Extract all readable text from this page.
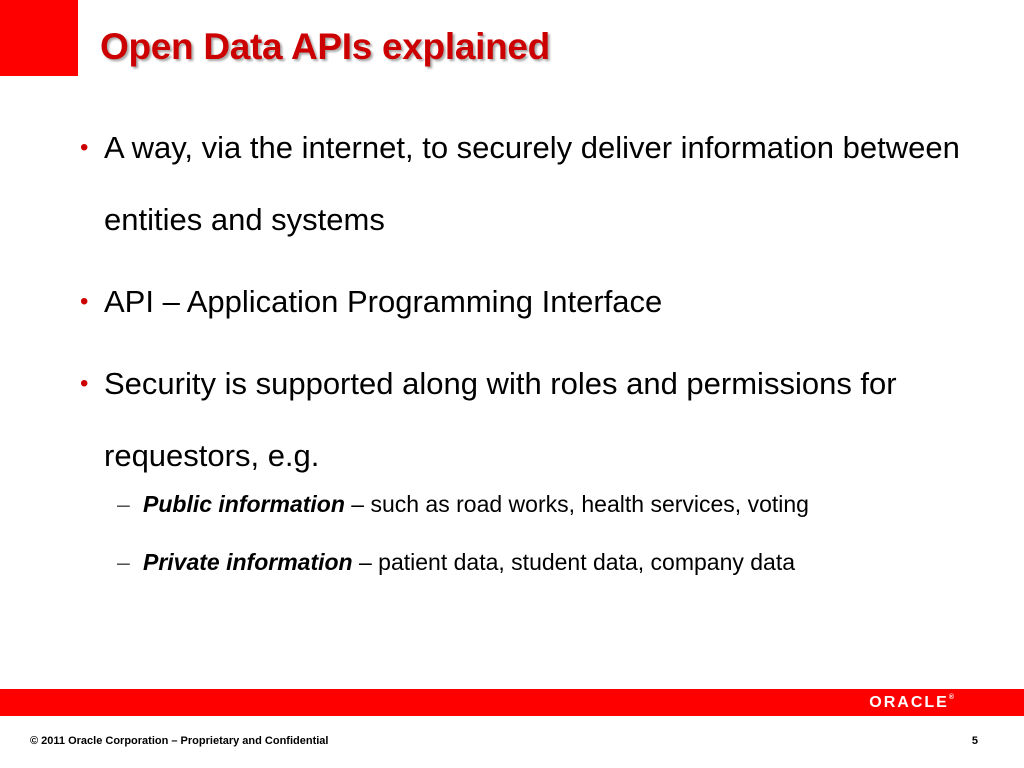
Open Data APIs explained
• A way, via the internet, to securely deliver information between entities and systems
• API – Application Programming Interface
• Security is supported along with roles and permissions for requestors, e.g.
– Public information – such as road works, health services, voting
– Private information – patient data, student data, company data
ORACLE®
© 2011 Oracle Corporation – Proprietary and Confidential	5
